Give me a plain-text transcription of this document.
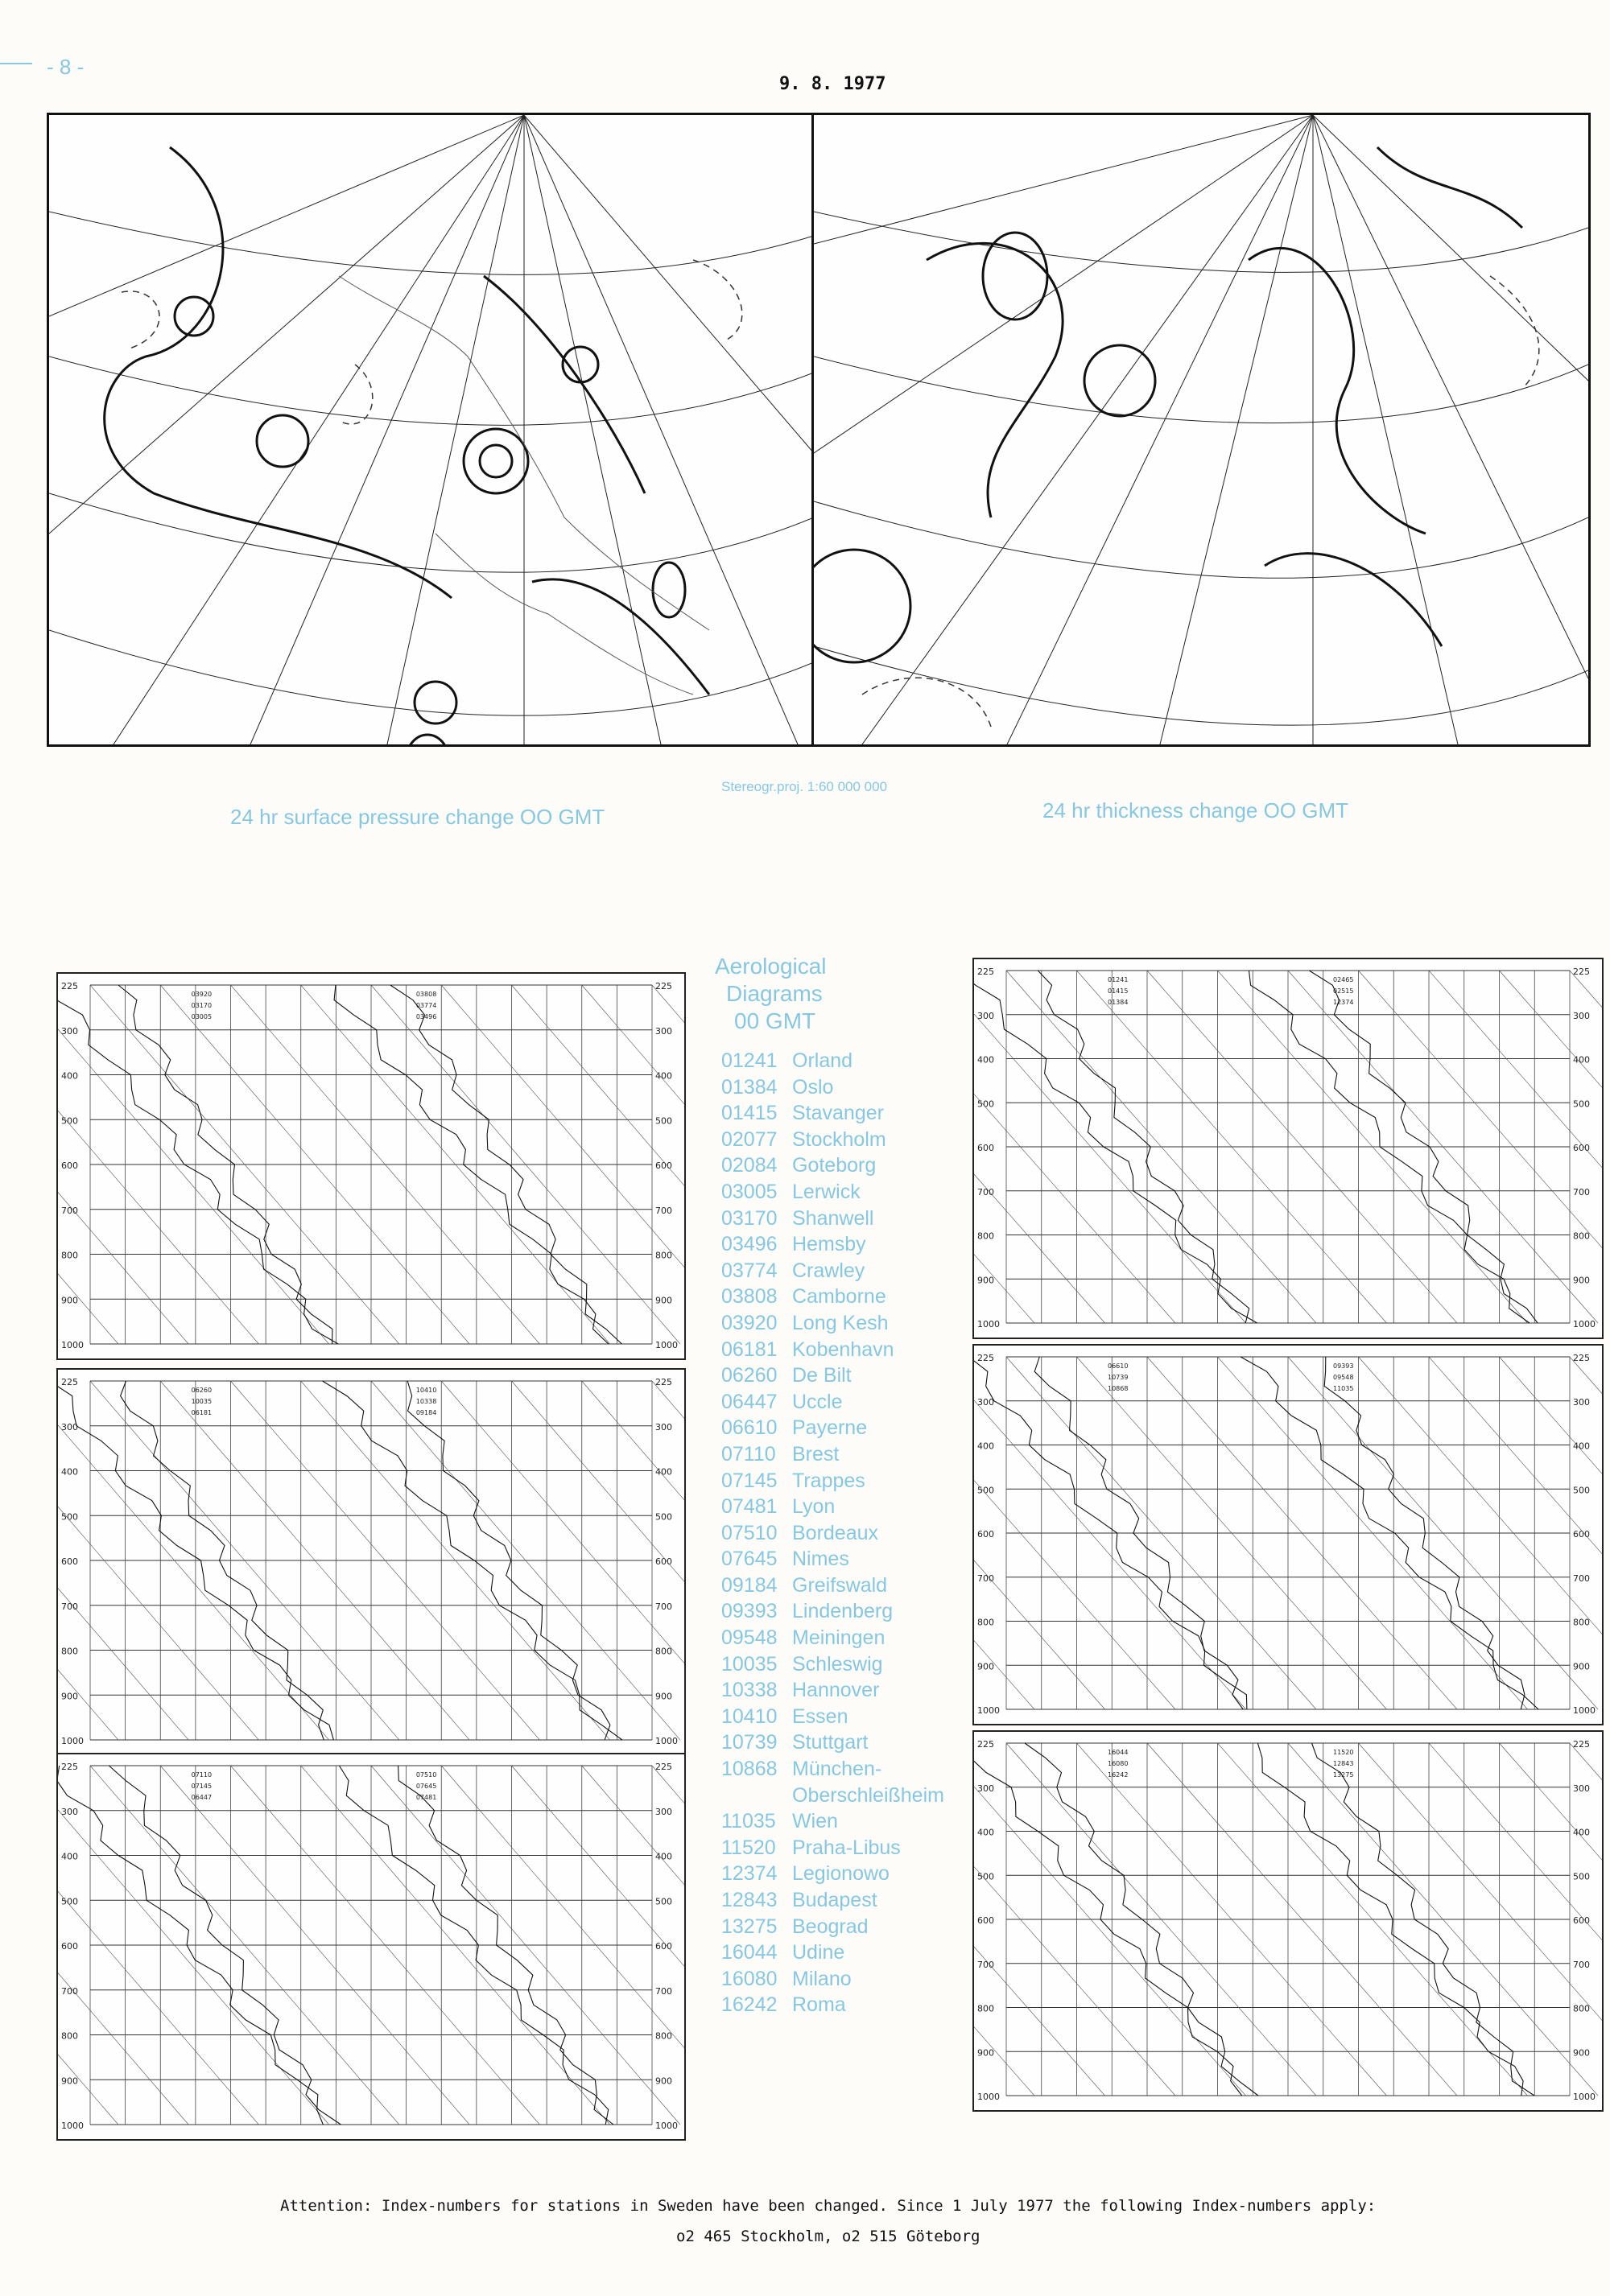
- 8 -
9. 8. 1977
24 hr surface pressure change OO GMT
Stereogr.proj. 1:60 000 000
24 hr thickness change OO GMT
225	225
300	300
400	400
500	500
600	600
700	700
800	800
900	900
1000	1000
03920
03170
03005
03808
03774
03496
225	225
300	300
400	400
500	500
600	600
700	700
800	800
900	900
1000	1000
06260
10035
06181
10410
10338
09184
225	225
300	300
400	400
500	500
600	600
700	700
800	800
900	900
1000	1000
07110
07145
06447
07510
07645
07481
225	225
300	300
400	400
500	500
600	600
700	700
800	800
900	900
1000	1000
01241
01415
01384
02465
02515
12374
225	225
300	300
400	400
500	500
600	600
700	700
800	800
900	900
1000	1000
06610
10739
10868
09393
09548
11035
225	225
300	300
400	400
500	500
600	600
700	700
800	800
900	900
1000	1000
16044
16080
16242
11520
12843
13275
Aerological
Diagrams
00 GMT
01241 Orland
01384 Oslo
01415 Stavanger
02077 Stockholm
02084 Goteborg
03005 Lerwick
03170 Shanwell
03496 Hemsby
03774 Crawley
03808 Camborne
03920 Long Kesh
06181 Kobenhavn
06260 De Bilt
06447 Uccle
06610 Payerne
07110 Brest
07145 Trappes
07481 Lyon
07510 Bordeaux
07645 Nimes
09184 Greifswald
09393 Lindenberg
09548 Meiningen
10035 Schleswig
10338 Hannover
10410 Essen
10739 Stuttgart
10868 München-
Oberschleißheim
11035 Wien
11520 Praha-Libus
12374 Legionowo
12843 Budapest
13275 Beograd
16044 Udine
16080 Milano
16242 Roma
Attention: Index-numbers for stations in Sweden have been changed. Since 1 July 1977 the following Index-numbers apply:
o2 465 Stockholm, o2 515 Göteborg
